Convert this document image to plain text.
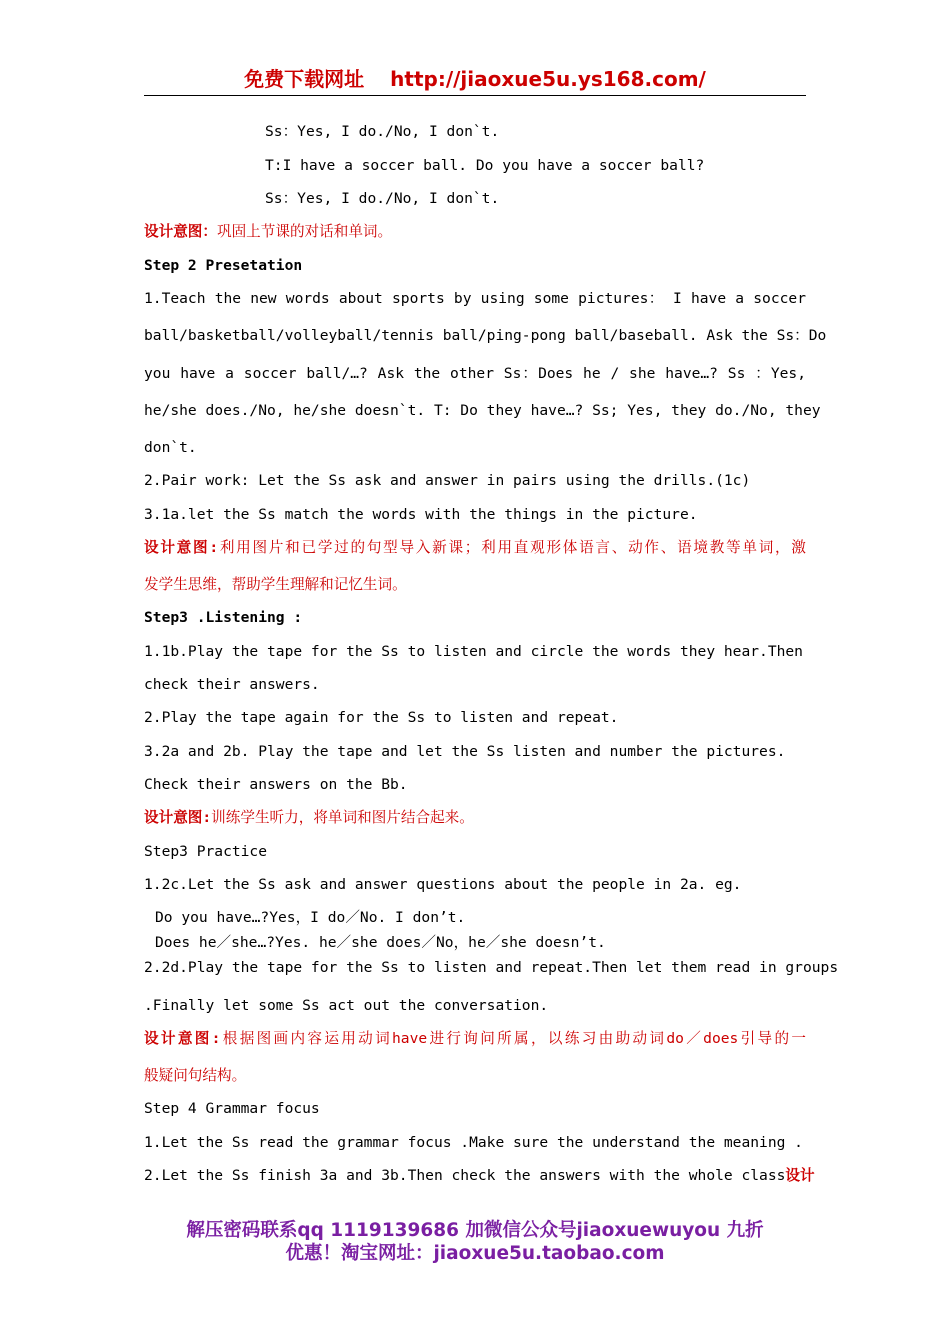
免费下载网址 http://jiaoxue5u.ys168.com/
Ss：Yes, I do./No, I don`t.
T:I have a soccer ball. Do you have a soccer ball?
Ss：Yes, I do./No, I don`t.
设计意图：巩固上节课的对话和单词。
Step 2 Presetation
1.Teach the new words about sports by using some pictures： I have a soccer
ball/basketball/volleyball/tennis ball/ping-pong ball/baseball. Ask the Ss：Do
you have a soccer ball/…? Ask the other Ss：Does he / she have…? Ss ：Yes,
he/she does./No, he/she doesn`t. T: Do they have…? Ss; Yes, they do./No, they
don`t.
2.Pair work: Let the Ss ask and answer in pairs using the drills.(1c)
3.1a.let the Ss match the words with the things in the picture.
设计意图:利用图片和已学过的句型导入新课；利用直观形体语言、动作、语境教等单词，激
发学生思维，帮助学生理解和记忆生词。
Step3 .Listening :
1.1b.Play the tape for the Ss to listen and circle the words they hear.Then
check their answers.
2.Play the tape again for the Ss to listen and repeat.
3.2a and 2b. Play the tape and let the Ss listen and number the pictures.
Check their answers on the Bb.
设计意图:训练学生听力，将单词和图片结合起来。
Step3 Practice
1.2c.Let the Ss ask and answer questions about the people in 2a. eg.
Do you have…?Yes，I do／No. I don’t.
Does he／she…?Yes. he／she does／No，he／she doesn’t.
2.2d.Play the tape for the Ss to listen and repeat.Then let them read in groups
.Finally let some Ss act out the conversation.
设计意图:根据图画内容运用动词have进行询问所属，以练习由助动词do／does引导的一
般疑问句结构。
Step 4 Grammar focus
1.Let the Ss read the grammar focus .Make sure the understand the meaning .
2.Let the Ss finish 3a and 3b.Then check the answers with the whole class设计
解压密码联系qq 1119139686 加微信公众号jiaoxuewuyou 九折
优惠！淘宝网址：jiaoxue5u.taobao.com
